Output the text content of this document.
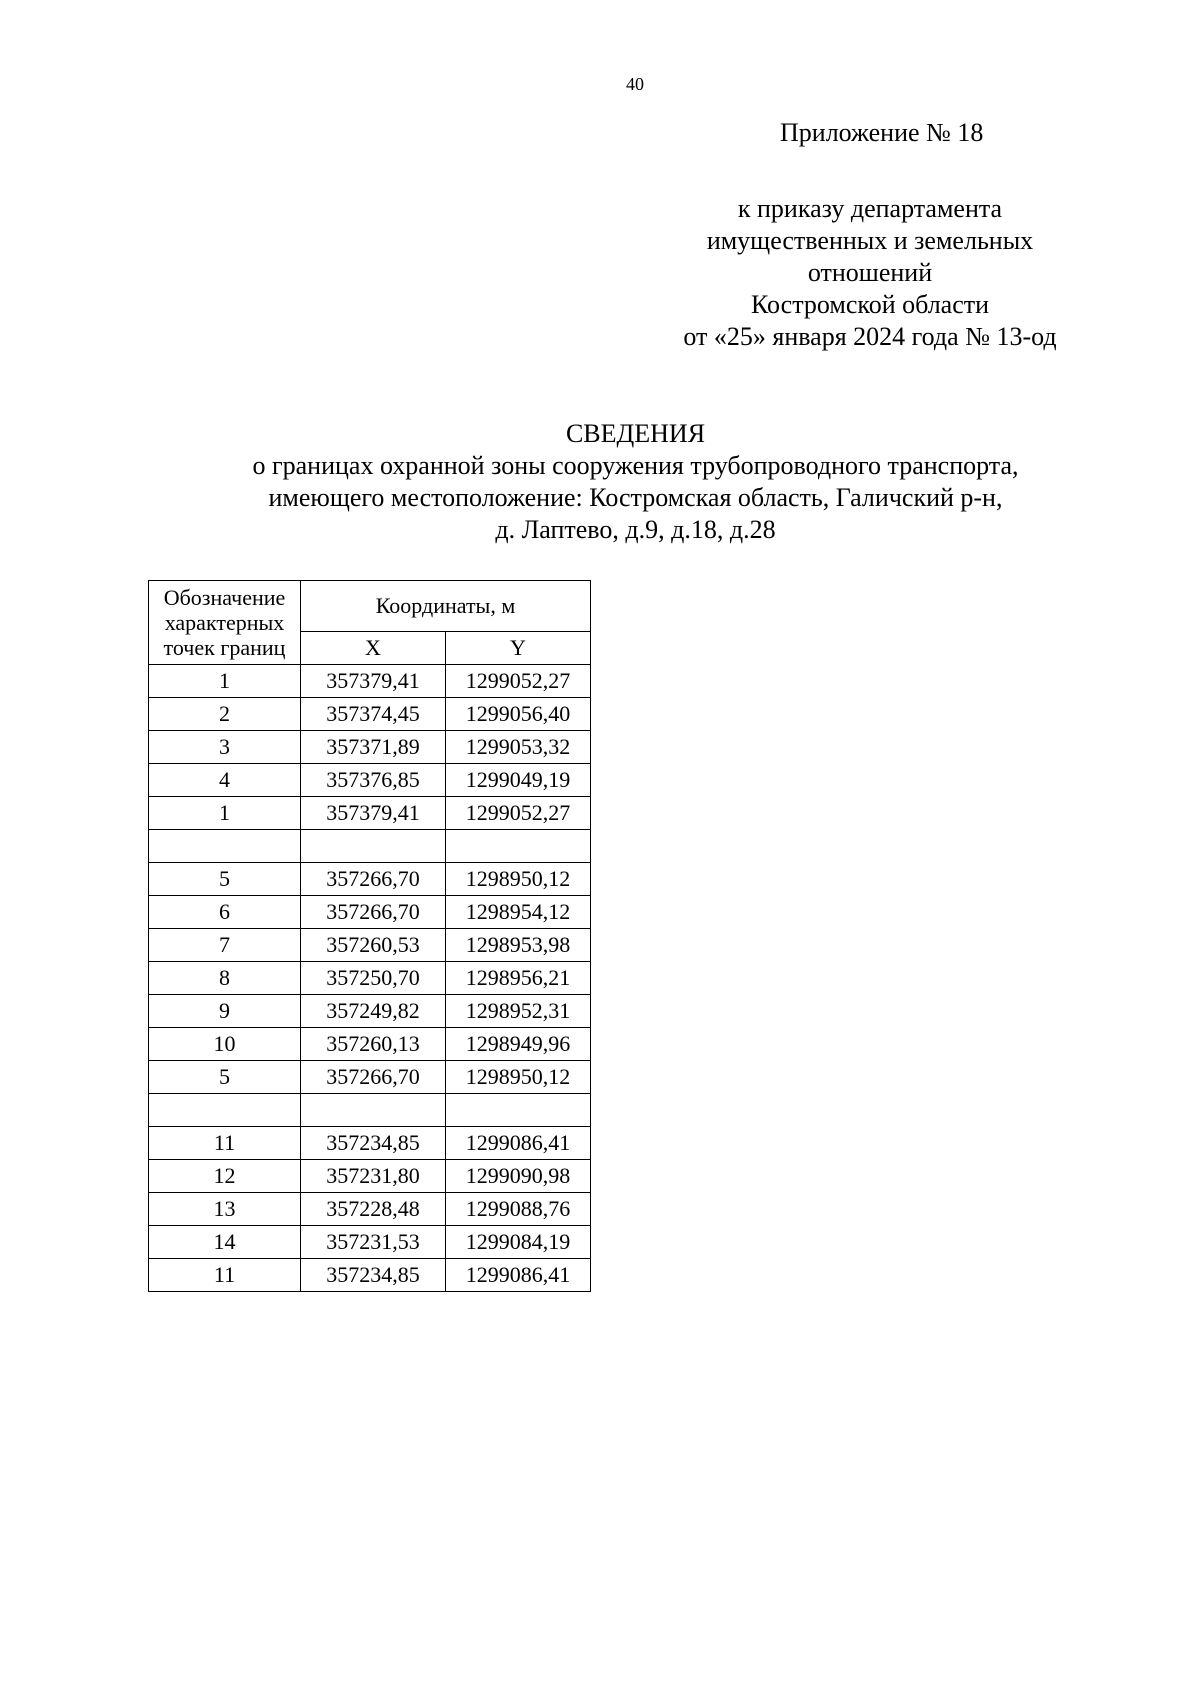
40
Приложение № 18
к приказу департамента
имущественных и земельных
отношений
Костромской области
от «25» января 2024 года № 13-од
СВЕДЕНИЯ
о границах охранной зоны сооружения трубопроводного транспорта,
имеющего местоположение: Костромская область, Галичский р-н,
д. Лаптево, д.9, д.18, д.28
Обозначение
характерных
точек границ	Координаты, м	
	X	Y
1	357379,41	1299052,27
2	357374,45	1299056,40
3	357371,89	1299053,32
4	357376,85	1299049,19
1	357379,41	1299052,27

5	357266,70	1298950,12
6	357266,70	1298954,12
7	357260,53	1298953,98
8	357250,70	1298956,21
9	357249,82	1298952,31
10	357260,13	1298949,96
5	357266,70	1298950,12

11	357234,85	1299086,41
12	357231,80	1299090,98
13	357228,48	1299088,76
14	357231,53	1299084,19
11	357234,85	1299086,41
